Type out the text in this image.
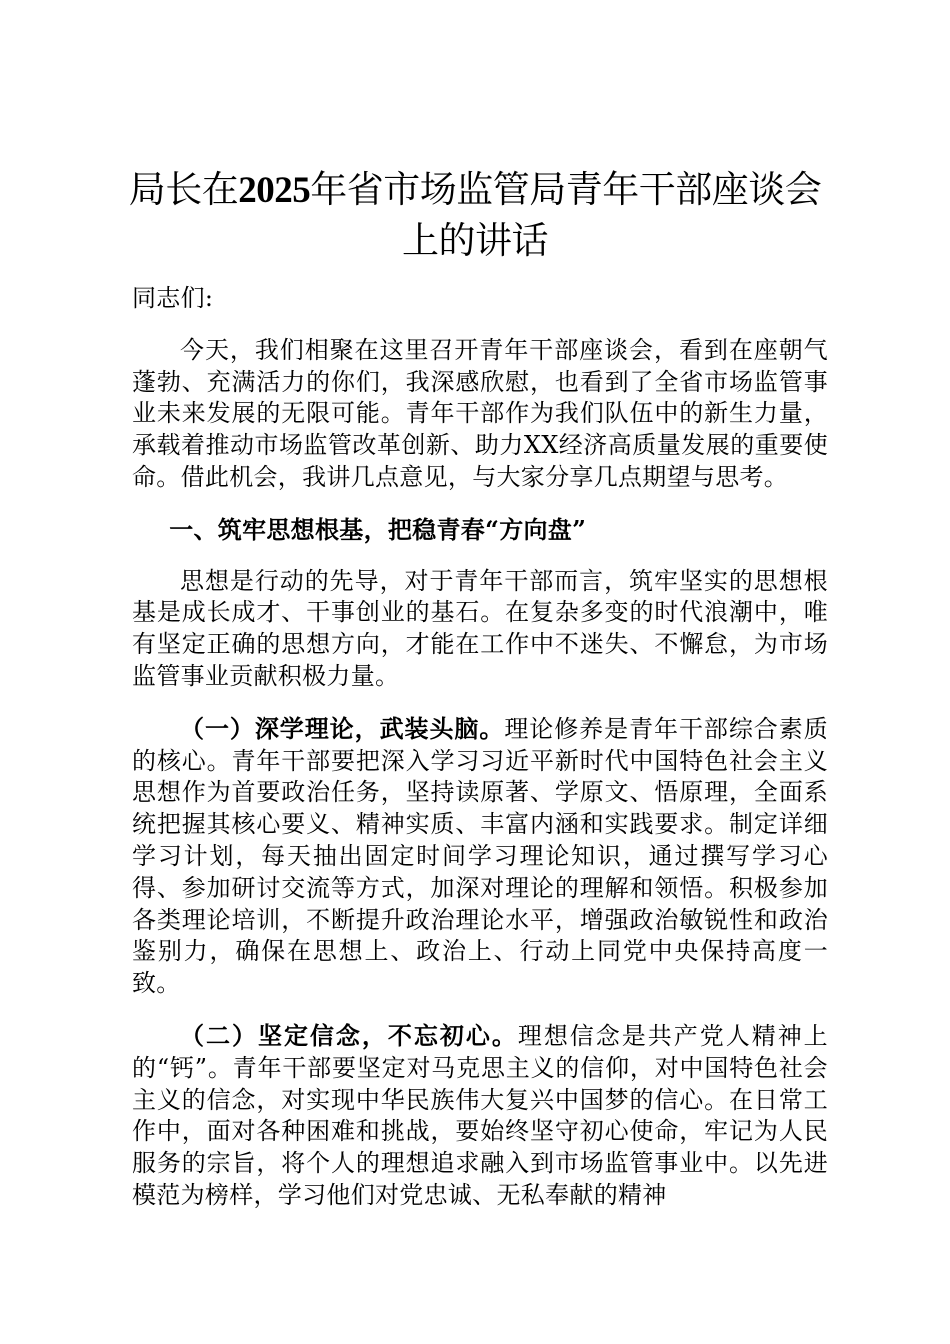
局长在2025年省市场监管局青年干部座谈会上的讲话

同志们:

今天，我们相聚在这里召开青年干部座谈会，看到在座朝气蓬勃、充满活力的你们，我深感欣慰，也看到了全省市场监管事业未来发展的无限可能。青年干部作为我们队伍中的新生力量，承载着推动市场监管改革创新、助力XX经济高质量发展的重要使命。借此机会，我讲几点意见，与大家分享几点期望与思考。

一、筑牢思想根基，把稳青春“方向盘”

思想是行动的先导，对于青年干部而言，筑牢坚实的思想根基是成长成才、干事创业的基石。在复杂多变的时代浪潮中，唯有坚定正确的思想方向，才能在工作中不迷失、不懈怠，为市场监管事业贡献积极力量。

（一）深学理论，武装头脑。理论修养是青年干部综合素质的核心。青年干部要把深入学习习近平新时代中国特色社会主义思想作为首要政治任务，坚持读原著、学原文、悟原理，全面系统把握其核心要义、精神实质、丰富内涵和实践要求。制定详细学习计划，每天抽出固定时间学习理论知识，通过撰写学习心得、参加研讨交流等方式，加深对理论的理解和领悟。积极参加各类理论培训，不断提升政治理论水平，增强政治敏锐性和政治鉴别力，确保在思想上、政治上、行动上同党中央保持高度一致。

（二）坚定信念，不忘初心。理想信念是共产党人精神上的“钙”。青年干部要坚定对马克思主义的信仰，对中国特色社会主义的信念，对实现中华民族伟大复兴中国梦的信心。在日常工作中，面对各种困难和挑战，要始终坚守初心使命，牢记为人民服务的宗旨，将个人的理想追求融入到市场监管事业中。以先进模范为榜样，学习他们对党忠诚、无私奉献的精神
